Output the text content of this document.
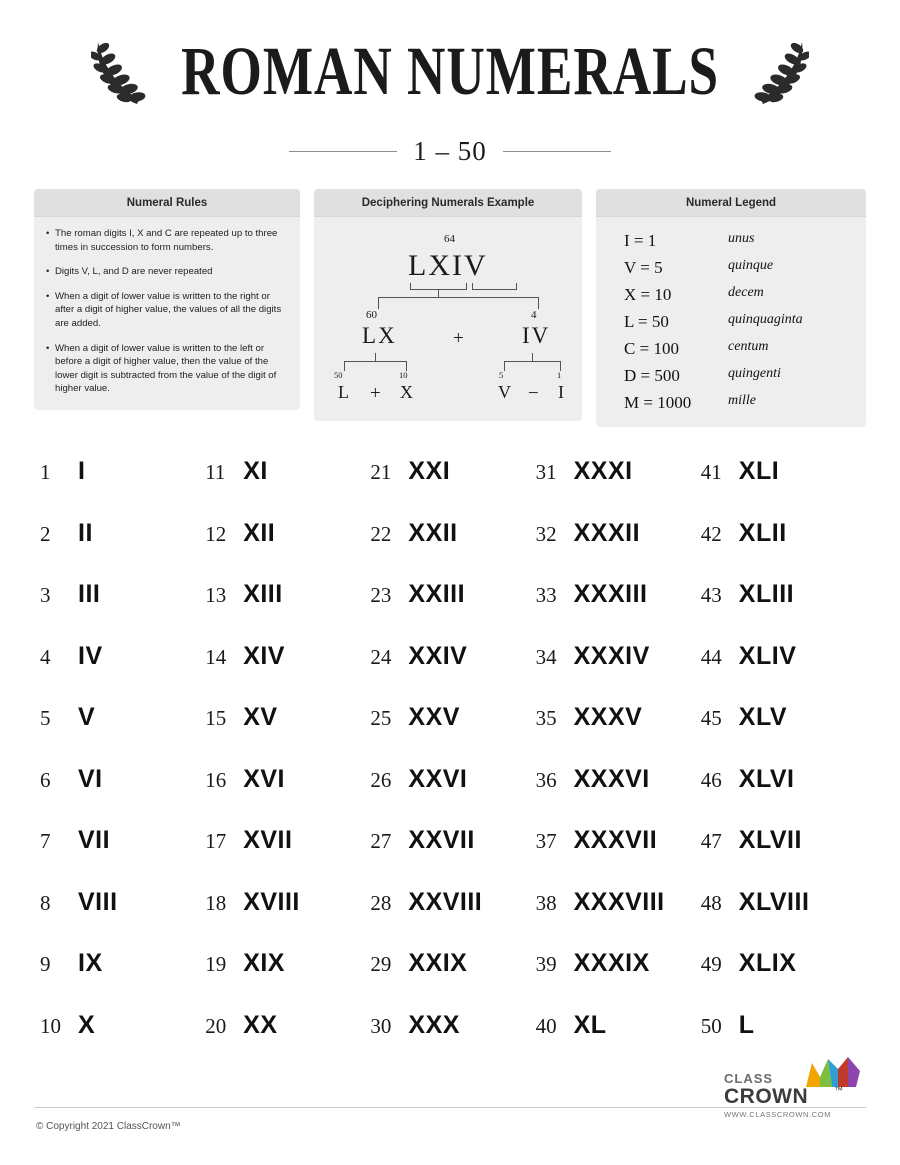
ROMAN NUMERALS
1 – 50
Numeral Rules
• The roman digits I, X and C are repeated up to three times in succession to form numbers.
• Digits V, L, and D are never repeated
• When a digit of lower value is written to the right or after a digit of higher value, the values of all the digits are added.
• When a digit of lower value is written to the left or before a digit of higher value, then the value of the lower digit is subtracted from the value of the digit of higher value.
Deciphering Numerals Example
64
LXIV
60	4
LX	+	IV
50	10	5	1
L + X	V − I
Numeral Legend
I = 1	unus
V = 5	quinque
X = 10	decem
L = 50	quinquaginta
C = 100	centum
D = 500	quingenti
M = 1000	mille
1	I
2	II
3	III
4	IV
5	V
6	VI
7	VII
8	VIII
9	IX
10 X
11 XI
12 XII
13 XIII
14 XIV
15 XV
16 XVI
17 XVII
18 XVIII
19 XIX
20 XX
21 XXI
22 XXII
23 XXIII
24 XXIV
25 XXV
26 XXVI
27 XXVII
28 XXVIII
29 XXIX
30 XXX
31 XXXI
32 XXXII
33 XXXIII
34 XXXIV
35 XXXV
36 XXXVI
37 XXXVII
38 XXXVIII
39 XXXIX
40 XL
41 XLI
42 XLII
43 XLIII
44 XLIV
45 XLV
46 XLVI
47 XLVII
48 XLVIII
49 XLIX
50 L
© Copyright 2021 ClassCrown™
CLASS
CROWN	™
WWW.CLASSCROWN.COM
